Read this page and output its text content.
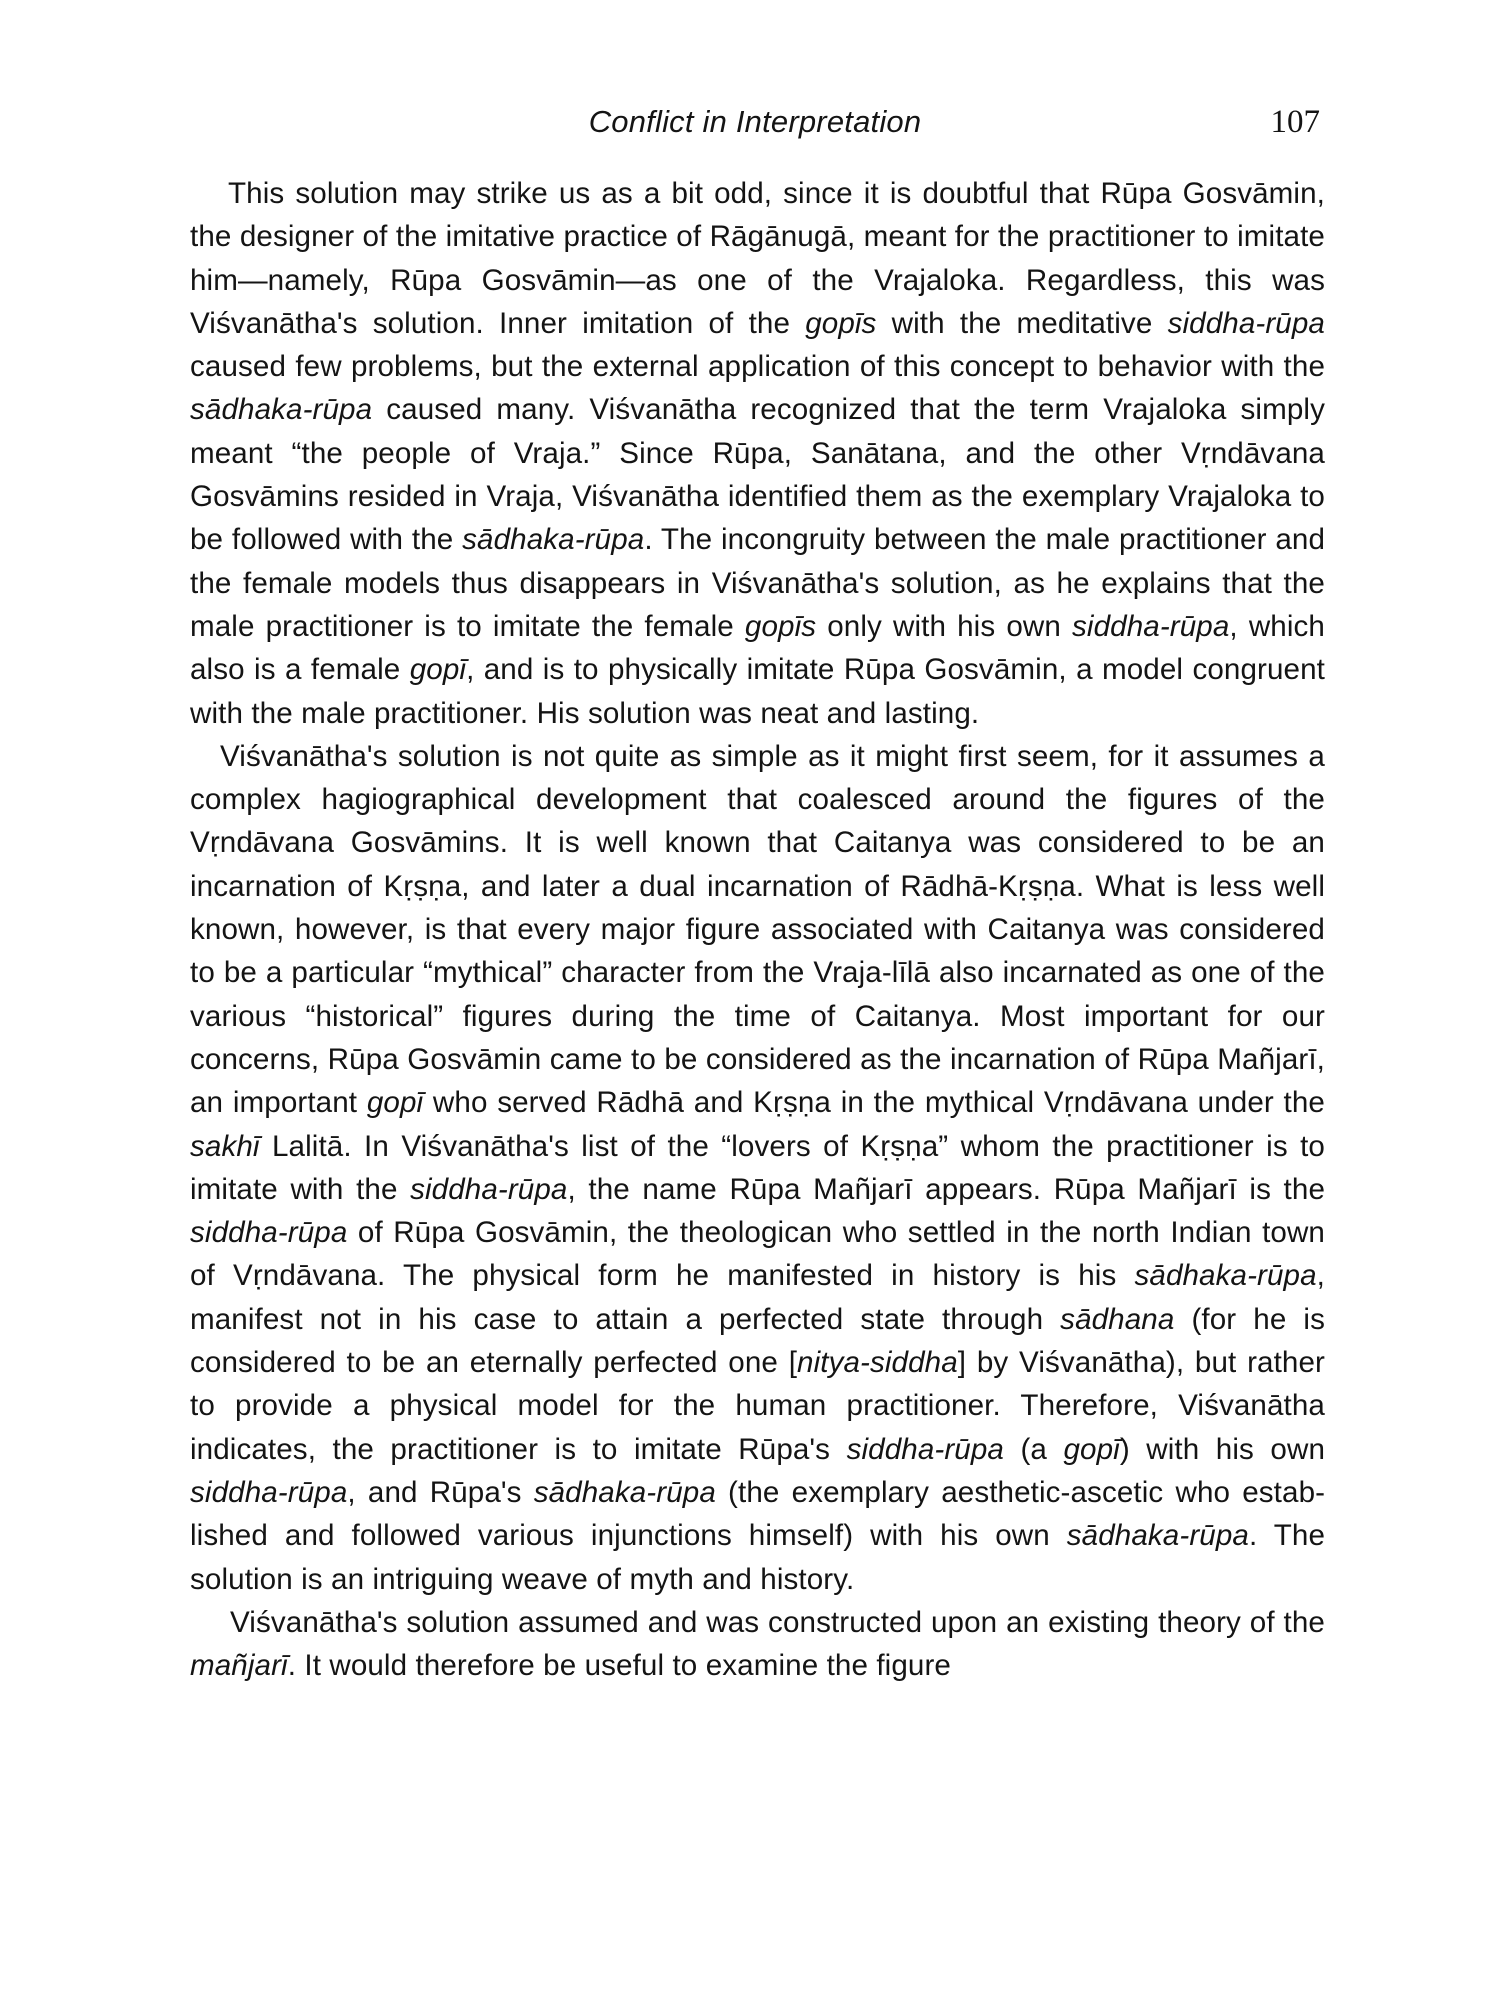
Conflict in Interpretation	107

This solution may strike us as a bit odd, since it is doubtful that Rūpa Gosvāmin, the designer of the imitative practice of Rāgānugā, meant for the practitioner to imitate him—namely, Rūpa Gosvāmin—as one of the Vrajaloka. Regardless, this was Viśvanātha's solution. Inner imitation of the gopīs with the meditative siddha-rūpa caused few problems, but the external application of this concept to behavior with the sādhaka-rūpa caused many. Viśvanātha recognized that the term Vrajaloka simply meant “the people of Vraja.” Since Rūpa, Sanātana, and the other Vṛndāvana Gosvāmins resided in Vraja, Viśvanātha identified them as the exemplary Vrajaloka to be followed with the sādhaka-rūpa. The incongruity between the male practitioner and the female models thus disappears in Viśvanātha's solution, as he explains that the male practitioner is to imitate the female gopīs only with his own siddha-rūpa, which also is a female gopī, and is to physically imitate Rūpa Gosvāmin, a model congruent with the male practitioner. His solution was neat and lasting.

Viśvanātha's solution is not quite as simple as it might first seem, for it assumes a complex hagiographical development that coalesced around the figures of the Vṛndāvana Gosvāmins. It is well known that Caitanya was considered to be an incarnation of Kṛṣṇa, and later a dual incarnation of Rādhā-Kṛṣṇa. What is less well known, however, is that every major figure associated with Caitanya was considered to be a particular “mythical” character from the Vraja-līlā also incarnated as one of the various “historical” figures during the time of Caitanya. Most important for our concerns, Rūpa Gosvāmin came to be considered as the incarnation of Rūpa Mañjarī, an important gopī who served Rādhā and Kṛṣṇa in the mythical Vṛndāvana under the sakhī Lalitā. In Viśvanātha's list of the “lovers of Kṛṣṇa” whom the practitioner is to imitate with the siddha-rūpa, the name Rūpa Mañjarī appears. Rūpa Mañjarī is the siddha-rūpa of Rūpa Gosvāmin, the theologican who settled in the north Indian town of Vṛndāvana. The physical form he manifested in history is his sādhaka-rūpa, manifest not in his case to attain a perfected state through sādhana (for he is considered to be an eternally perfected one [nitya-siddha] by Viśvanātha), but rather to provide a physical model for the human practitioner. Therefore, Viśvanātha indicates, the practitioner is to imitate Rūpa's siddha-rūpa (a gopī) with his own siddha-rūpa, and Rūpa's sādhaka-rūpa (the exemplary aesthetic-ascetic who established and followed various injunctions himself) with his own sādhaka-rūpa. The solution is an intriguing weave of myth and history.

Viśvanātha's solution assumed and was constructed upon an existing theory of the mañjarī. It would therefore be useful to examine the figure
